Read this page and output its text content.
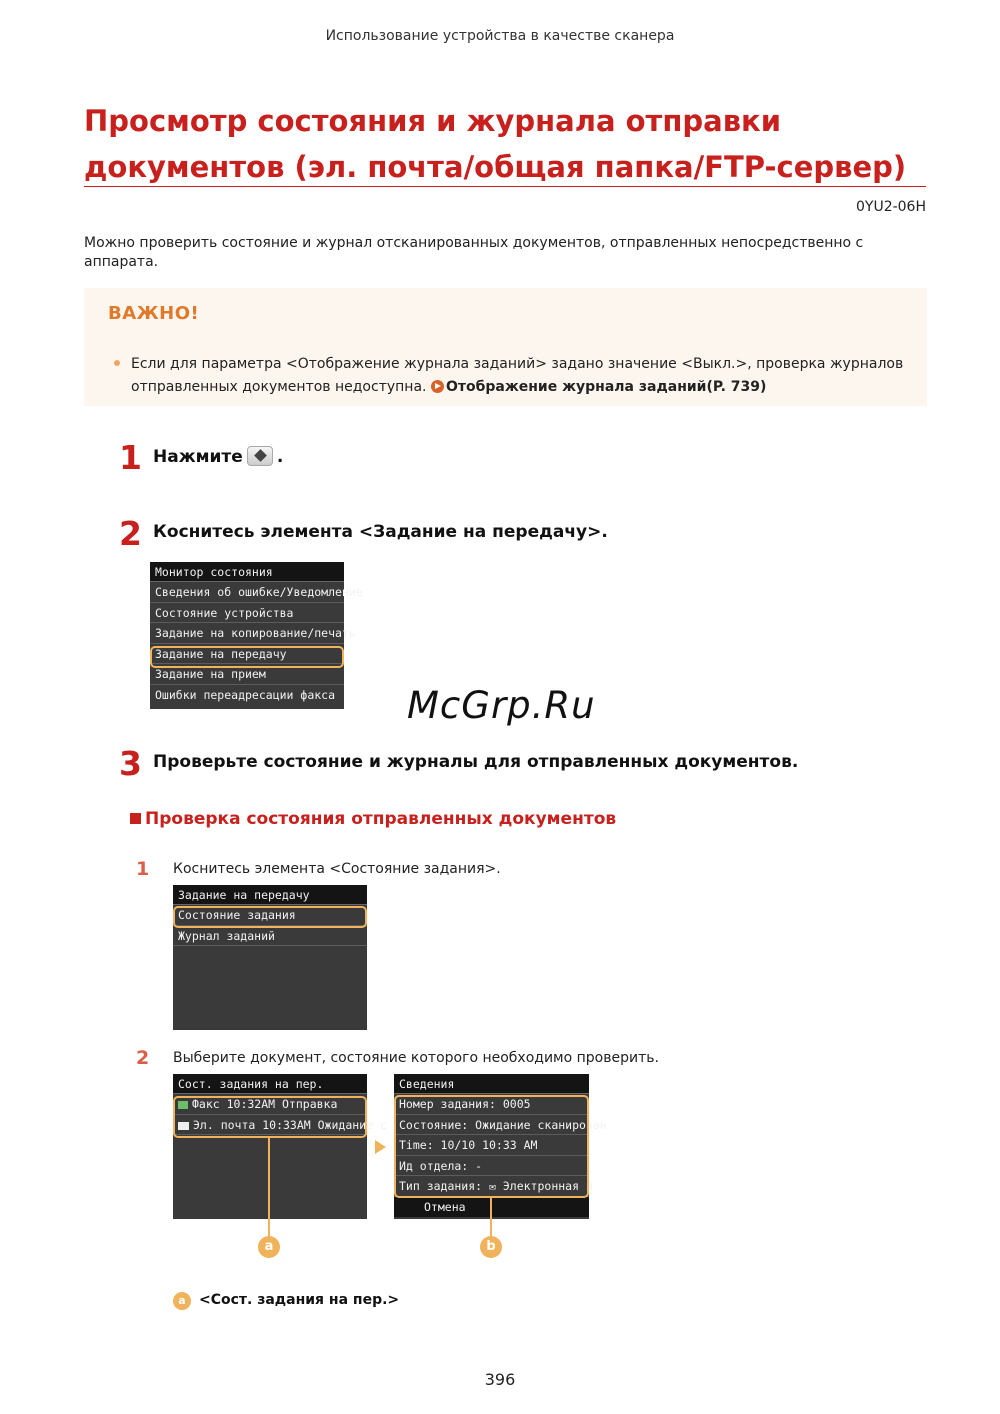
Использование устройства в качестве сканера
Просмотр состояния и журнала отправки
документов (эл. почта/общая папка/FTP-сервер)
0YU2-06H
Можно проверить состояние и журнал отсканированных документов, отправленных непосредственно с аппарата.
ВАЖНО!
Если для параметра <Отображение журнала заданий> задано значение <Выкл.>, проверка журналов отправленных документов недоступна. Отображение журнала заданий(P. 739)
1 Нажмите .
2 Коснитесь элемента <Задание на передачу>.
Монитор состояния
Сведения об ошибке/Уведомление
Состояние устройства
Задание на копирование/печать
Задание на передачу
Задание на прием
Ошибки переадресации факса McGrp.Ru
3 Проверьте состояние и журналы для отправленных документов.
Проверка состояния отправленных документов
1 Коснитесь элемента <Состояние задания>.
Задание на передачу
Состояние задания
Журнал заданий
2 Выберите документ, состояние которого необходимо проверить.
Сост. задания на пер.
Факс 10:32AM Отправка
Эл. почта 10:33AM Ожидание с
Сведения
Номер задания: 0005
Состояние: Ожидание сканирован
Time: 10/10 10:33 AM
Ид отдела: -
Тип задания: ✉ Электронная п
Отмена
a	b
a <Сост. задания на пер.>
396
